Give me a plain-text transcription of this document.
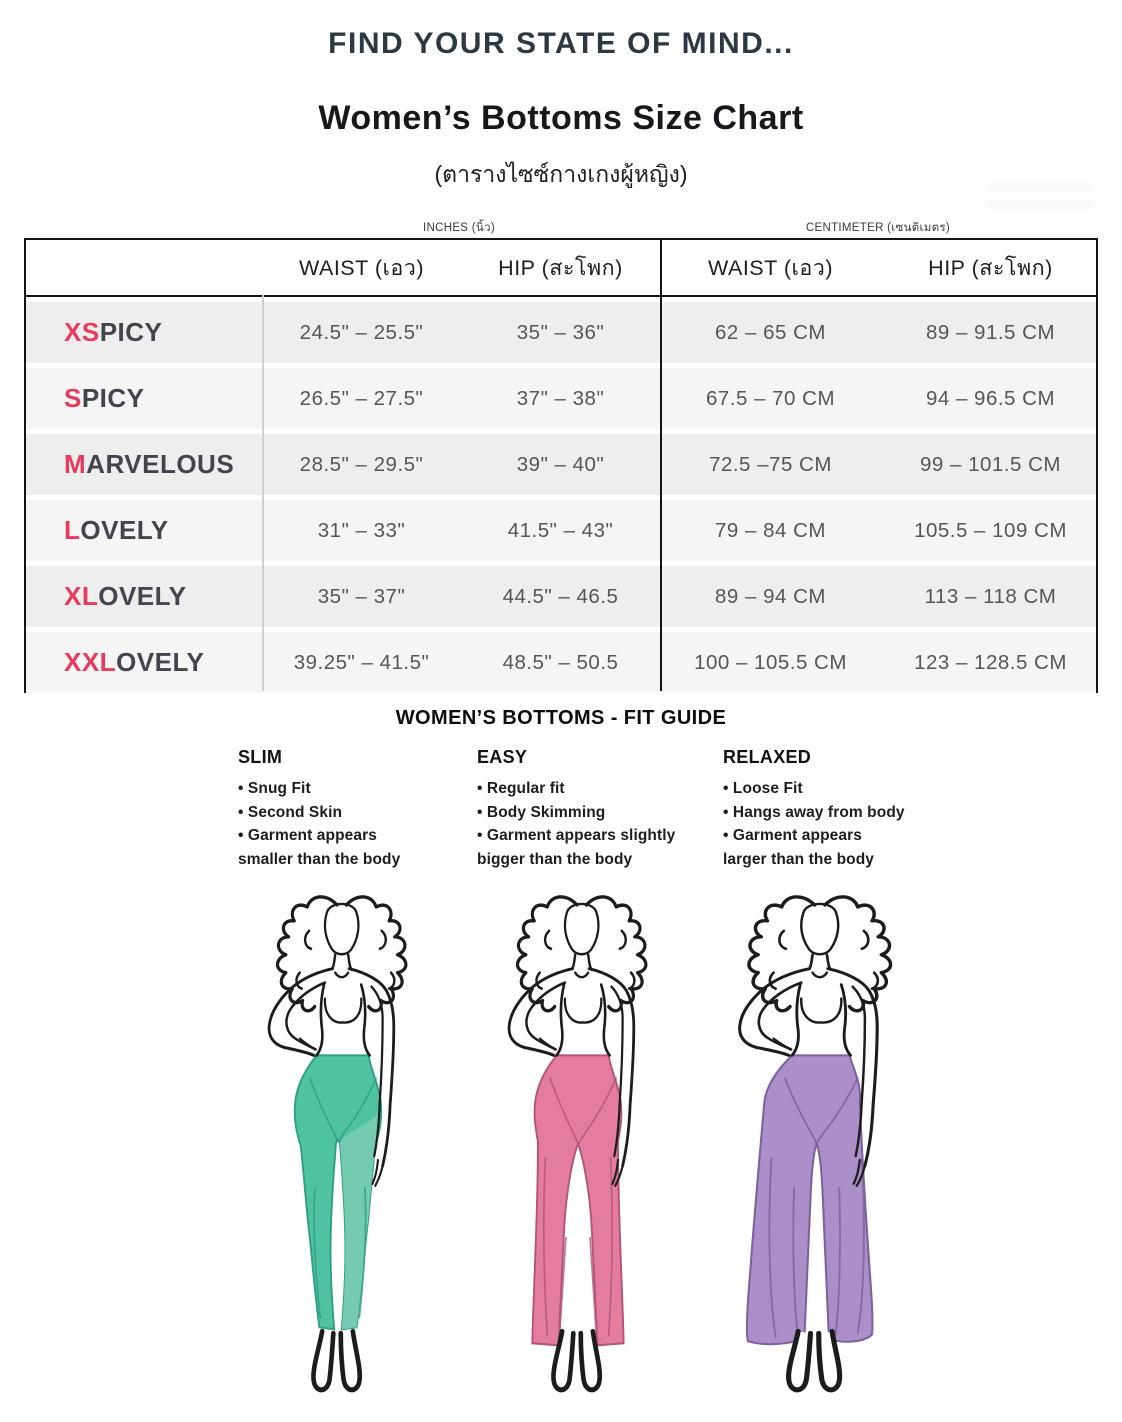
FIND YOUR STATE OF MIND...
Women’s Bottoms Size Chart
(ตารางไซซ์กางเกงผู้หญิง)
INCHES (นิ้ว)	CENTIMETER (เซนติเมตร)
WAIST (เอว)	HIP (สะโพก)	WAIST (เอว)	HIP (สะโพก)
XS PICY	24.5" – 25.5"	35" – 36"	62 – 65 CM	89 – 91.5 CM
S PICY	26.5" – 27.5"	37" – 38"	67.5 – 70 CM	94 – 96.5 CM
M ARVELOUS	28.5" – 29.5"	39" – 40"	72.5 –75 CM	99 – 101.5 CM
L OVELY	31" – 33"	41.5" – 43"	79 – 84 CM	105.5 – 109 CM
XL OVELY	35" – 37"	44.5" – 46.5	89 – 94 CM	113 – 118 CM
XXL OVELY	39.25" – 41.5"	48.5" – 50.5	100 – 105.5 CM	123 – 128.5 CM
WOMEN’S BOTTOMS - FIT GUIDE
SLIM
• Snug Fit
• Second Skin
• Garment appears
smaller than the body
EASY
• Regular fit
• Body Skimming
• Garment appears slightly
bigger than the body
RELAXED
• Loose Fit
• Hangs away from body
• Garment appears
larger than the body
